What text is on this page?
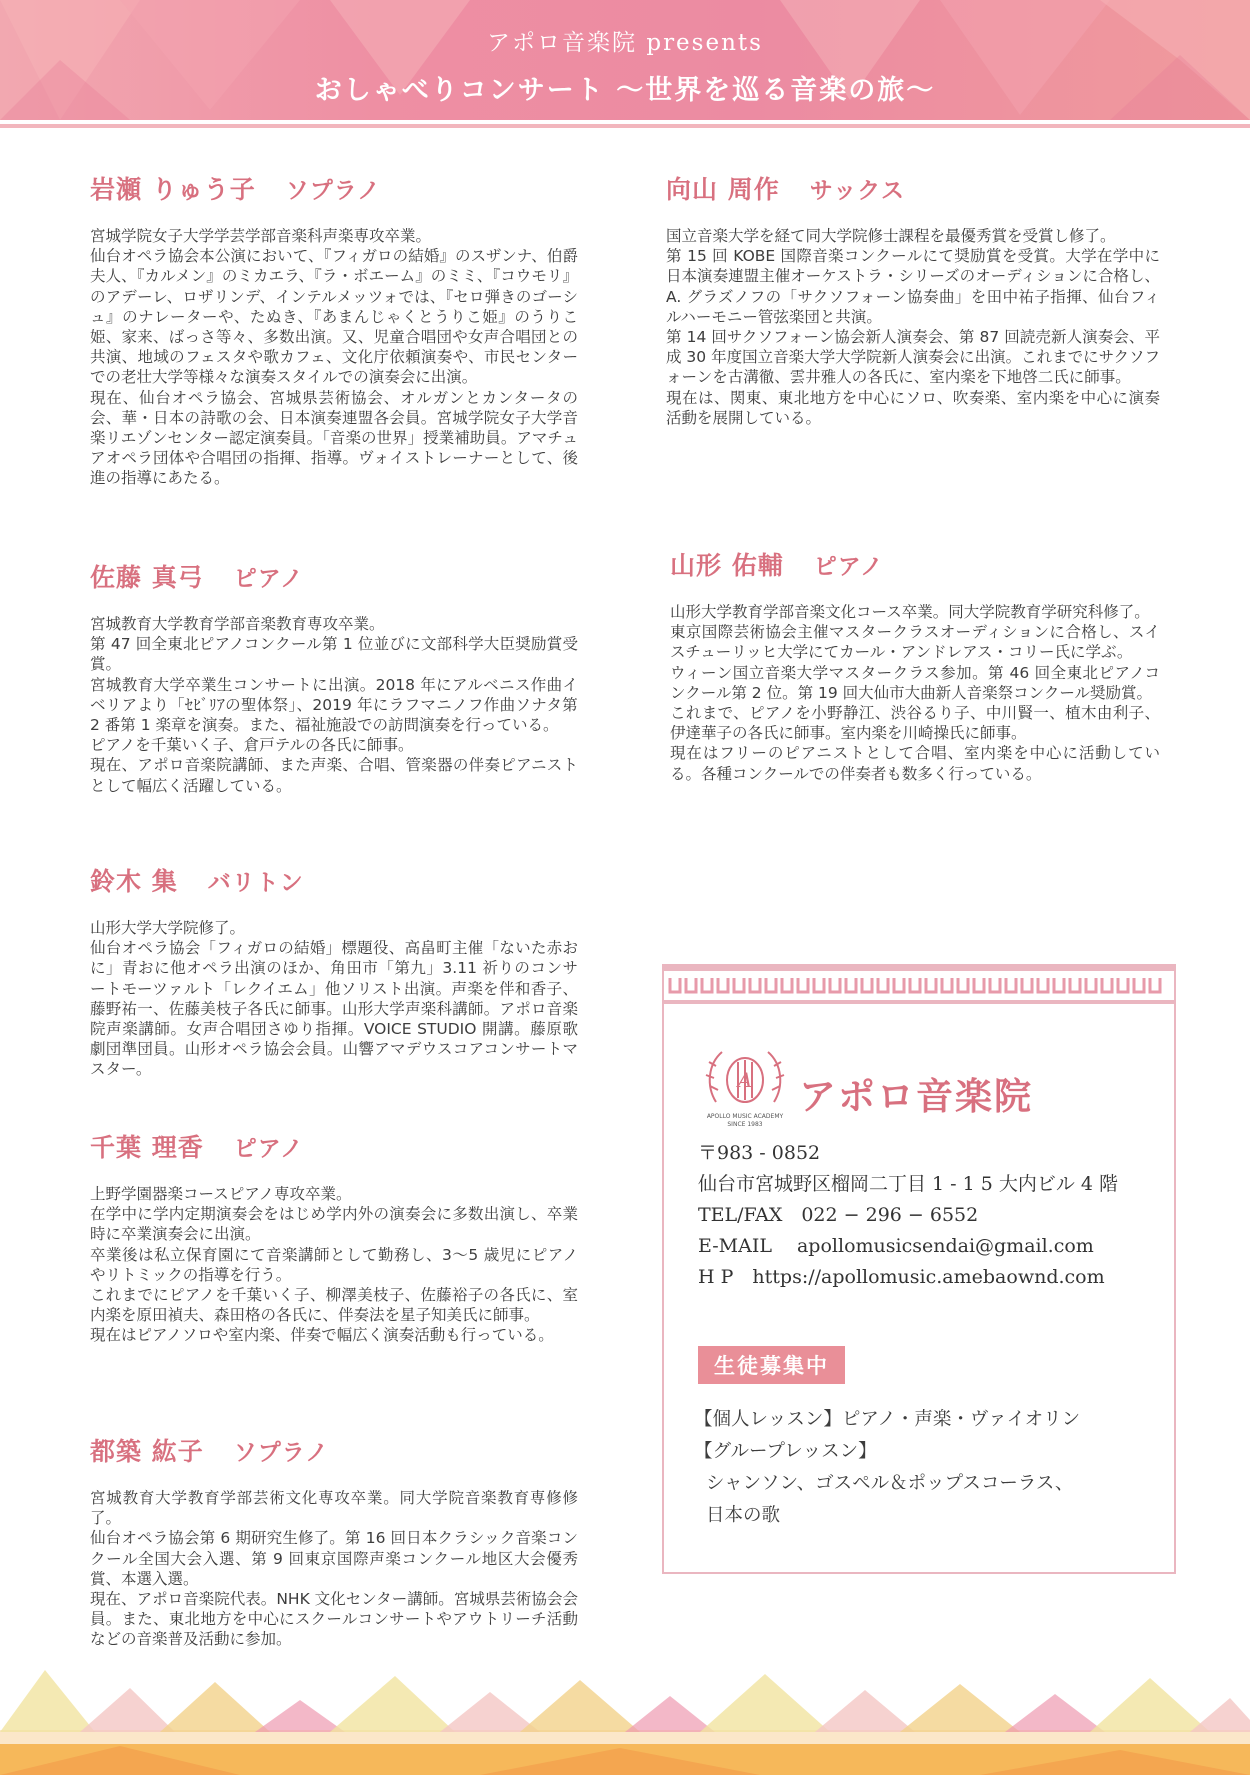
アポロ音楽院 presents
おしゃべりコンサート ～世界を巡る音楽の旅～
岩瀬 りゅう子 ソプラノ

宮城学院女子大学学芸学部音楽科声楽専攻卒業。
仙台オペラ協会本公演において、『フィガロの結婚』のスザンナ、伯爵夫人、『カルメン』のミカエラ、『ラ・ボエーム』のミミ、『コウモリ』のアデーレ、ロザリンデ、インテルメッツォでは、『セロ弾きのゴーシュ』のナレーターや、たぬき、『あまんじゃくとうりこ姫』のうりこ姫、家来、ばっさ等々、多数出演。又、児童合唱団や女声合唱団との共演、地域のフェスタや歌カフェ、文化庁依頼演奏や、市民センターでの老壮大学等様々な演奏スタイルでの演奏会に出演。
現在、仙台オペラ協会、宮城県芸術協会、オルガンとカンタータの会、華・日本の詩歌の会、日本演奏連盟各会員。宮城学院女子大学音楽リエゾンセンター認定演奏員。「音楽の世界」授業補助員。アマチュアオペラ団体や合唱団の指揮、指導。ヴォイストレーナーとして、後進の指導にあたる。

佐藤 真弓 ピアノ

宮城教育大学教育学部音楽教育専攻卒業。
第 47 回全東北ピアノコンクール第 1 位並びに文部科学大臣奨励賞受賞。
宮城教育大学卒業生コンサートに出演。2018 年にアルベニス作曲イベリアより「ｾﾋﾞﾘｱの聖体祭」、2019 年にラフマニノフ作曲ソナタ第 2 番第 1 楽章を演奏。また、福祉施設での訪問演奏を行っている。
ピアノを千葉いく子、倉戸テルの各氏に師事。
現在、アポロ音楽院講師、また声楽、合唱、管楽器の伴奏ピアニストとして幅広く活躍している。

鈴木 集 バリトン

山形大学大学院修了。
仙台オペラ協会「フィガロの結婚」標題役、高畠町主催「ないた赤おに」青おに他オペラ出演のほか、角田市「第九」3.11 祈りのコンサートモーツァルト「レクイエム」他ソリスト出演。声楽を伴和香子、藤野祐一、佐藤美枝子各氏に師事。山形大学声楽科講師。アポロ音楽院声楽講師。女声合唱団さゆり指揮。VOICE STUDIO 開講。藤原歌劇団準団員。山形オペラ協会会員。山響アマデウスコアコンサートマスター。

千葉 理香 ピアノ

上野学園器楽コースピアノ専攻卒業。
在学中に学内定期演奏会をはじめ学内外の演奏会に多数出演し、卒業時に卒業演奏会に出演。
卒業後は私立保育園にて音楽講師として勤務し、3～5 歳児にピアノやリトミックの指導を行う。
これまでにピアノを千葉いく子、柳澤美枝子、佐藤裕子の各氏に、室内楽を原田禎夫、森田格の各氏に、伴奏法を星子知美氏に師事。
現在はピアノソロや室内楽、伴奏で幅広く演奏活動も行っている。

都築 紘子 ソプラノ

宮城教育大学教育学部芸術文化専攻卒業。同大学院音楽教育専修修了。
仙台オペラ協会第 6 期研究生修了。第 16 回日本クラシック音楽コンクール全国大会入選、第 9 回東京国際声楽コンクール地区大会優秀賞、本選入選。
現在、アポロ音楽院代表。NHK 文化センター講師。宮城県芸術協会会員。また、東北地方を中心にスクールコンサートやアウトリーチ活動などの音楽普及活動に参加。

向山 周作 サックス

国立音楽大学を経て同大学院修士課程を最優秀賞を受賞し修了。
第 15 回 KOBE 国際音楽コンクールにて奨励賞を受賞。大学在学中に日本演奏連盟主催オーケストラ・シリーズのオーディションに合格し、A. グラズノフの「サクソフォーン協奏曲」を田中祐子指揮、仙台フィルハーモニー管弦楽団と共演。
第 14 回サクソフォーン協会新人演奏会、第 87 回読売新人演奏会、平成 30 年度国立音楽大学大学院新人演奏会に出演。これまでにサクソフォーンを古溝徹、雲井雅人の各氏に、室内楽を下地啓二氏に師事。
現在は、関東、東北地方を中心にソロ、吹奏楽、室内楽を中心に演奏活動を展開している。

山形 佑輔 ピアノ

山形大学教育学部音楽文化コース卒業。同大学院教育学研究科修了。
東京国際芸術協会主催マスタークラスオーディションに合格し、スイスチューリッヒ大学にてカール・アンドレアス・コリー氏に学ぶ。
ウィーン国立音楽大学マスタークラス参加。第 46 回全東北ピアノコンクール第 2 位。第 19 回大仙市大曲新人音楽祭コンクール奨励賞。
これまで、ピアノを小野静江、渋谷るり子、中川賢一、植木由利子、伊達華子の各氏に師事。室内楽を川崎操氏に師事。
現在はフリーのピアニストとして合唱、室内楽を中心に活動している。各種コンクールでの伴奏者も数多く行っている。

A
APOLLO MUSIC ACADEMY
SINCE 1983
アポロ音楽院
〒983 - 0852
仙台市宮城野区榴岡二丁目 1 - 1 5 大内ビル 4 階
TEL/FAX　022 − 296 − 6552
E-MAIL　 apollomusicsendai@gmail.com
H P　https://apollomusic.amebaownd.com
生徒募集中
【個人レッスン】ピアノ・声楽・ヴァイオリン
【グループレッスン】
シャンソン、ゴスペル＆ポップスコーラス、
日本の歌
